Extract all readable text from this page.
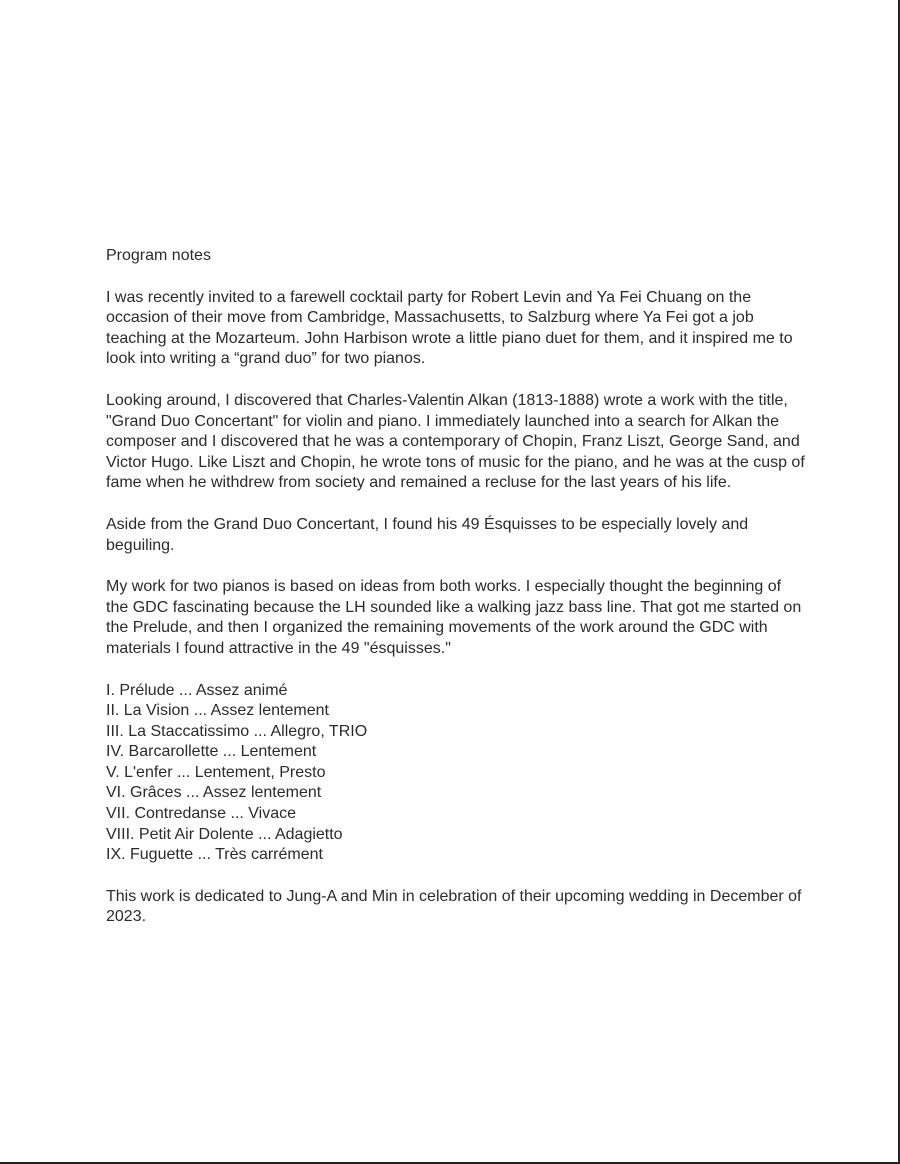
Program notes

I was recently invited to a farewell cocktail party for Robert Levin and Ya Fei Chuang on the occasion of their move from Cambridge, Massachusetts, to Salzburg where Ya Fei got a job teaching at the Mozarteum. John Harbison wrote a little piano duet for them, and it inspired me to look into writing a “grand duo” for two pianos.

Looking around, I discovered that Charles-Valentin Alkan (1813-1888) wrote a work with the title, "Grand Duo Concertant" for violin and piano. I immediately launched into a search for Alkan the composer and I discovered that he was a contemporary of Chopin, Franz Liszt, George Sand, and Victor Hugo. Like Liszt and Chopin, he wrote tons of music for the piano, and he was at the cusp of fame when he withdrew from society and remained a recluse for the last years of his life.

Aside from the Grand Duo Concertant, I found his 49 Ésquisses to be especially lovely and beguiling.

My work for two pianos is based on ideas from both works. I especially thought the beginning of the GDC fascinating because the LH sounded like a walking jazz bass line. That got me started on the Prelude, and then I organized the remaining movements of the work around the GDC with materials I found attractive in the 49 "ésquisses."

I. Prélude ... Assez animé
II. La Vision ... Assez lentement
III. La Staccatissimo ... Allegro, TRIO
IV. Barcarollette ... Lentement
V. L'enfer ... Lentement, Presto
VI. Grâces ... Assez lentement
VII. Contredanse ... Vivace
VIII. Petit Air Dolente ... Adagietto
IX. Fuguette ... Très carrément

This work is dedicated to Jung-A and Min in celebration of their upcoming wedding in December of 2023.
